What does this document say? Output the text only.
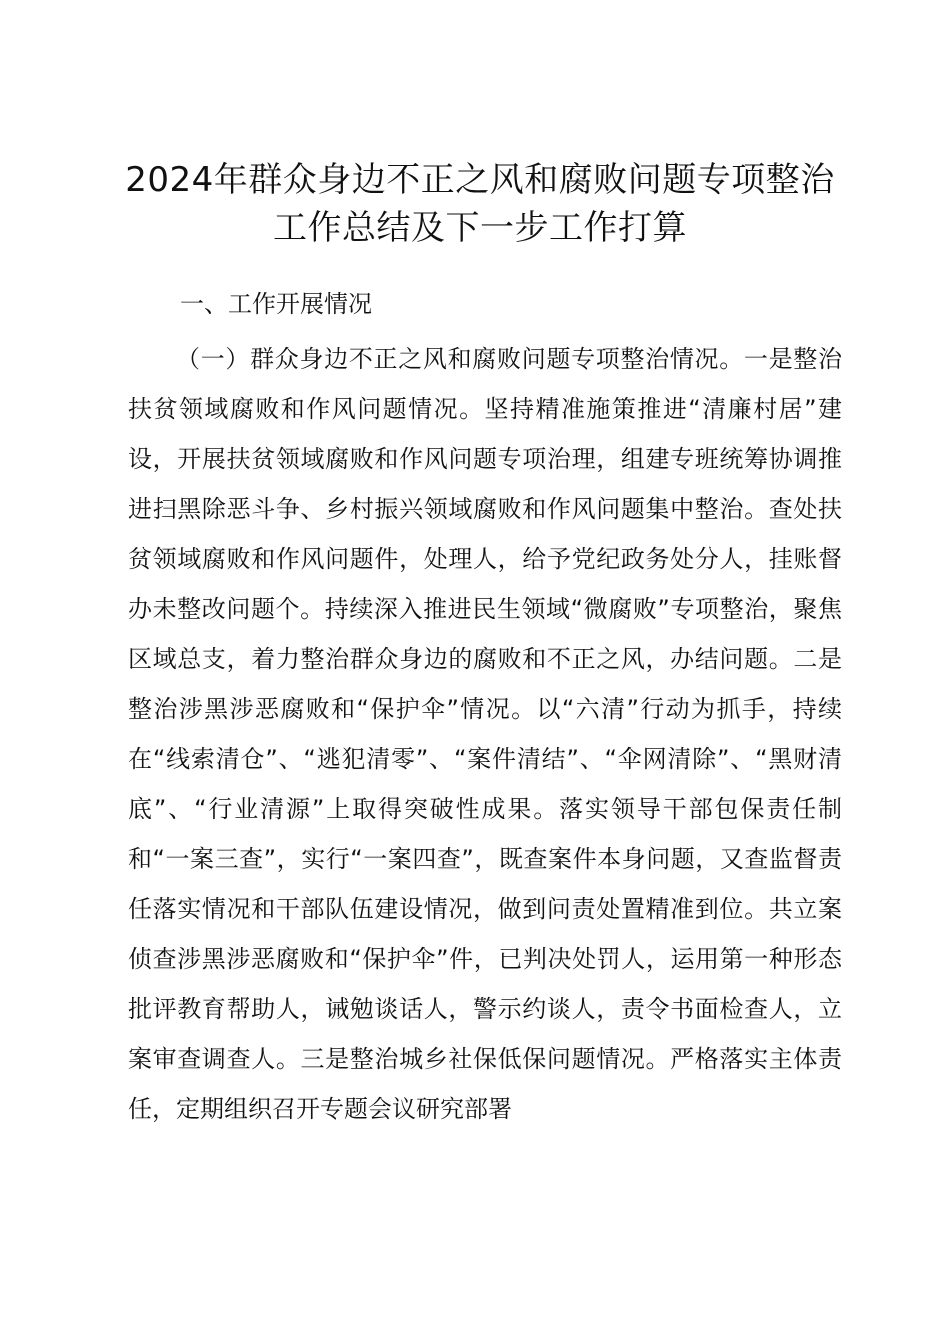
2024年群众身边不正之风和腐败问题专项整治工作总结及下一步工作打算

一、工作开展情况

（一）群众身边不正之风和腐败问题专项整治情况。一是整治扶贫领域腐败和作风问题情况。坚持精准施策推进“清廉村居”建设，开展扶贫领域腐败和作风问题专项治理，组建专班统筹协调推进扫黑除恶斗争、乡村振兴领域腐败和作风问题集中整治。查处扶贫领域腐败和作风问题件，处理人，给予党纪政务处分人，挂账督办未整改问题个。持续深入推进民生领域“微腐败”专项整治，聚焦区域总支，着力整治群众身边的腐败和不正之风，办结问题。二是整治涉黑涉恶腐败和“保护伞”情况。以“六清”行动为抓手，持续在“线索清仓”、“逃犯清零”、“案件清结”、“伞网清除”、“黑财清底”、“行业清源”上取得突破性成果。落实领导干部包保责任制和“一案三查”，实行“一案四查”，既查案件本身问题，又查监督责任落实情况和干部队伍建设情况，做到问责处置精准到位。共立案侦查涉黑涉恶腐败和“保护伞”件，已判决处罚人，运用第一种形态批评教育帮助人，诫勉谈话人，警示约谈人，责令书面检查人，立案审查调查人。三是整治城乡社保低保问题情况。严格落实主体责任，定期组织召开专题会议研究部署
